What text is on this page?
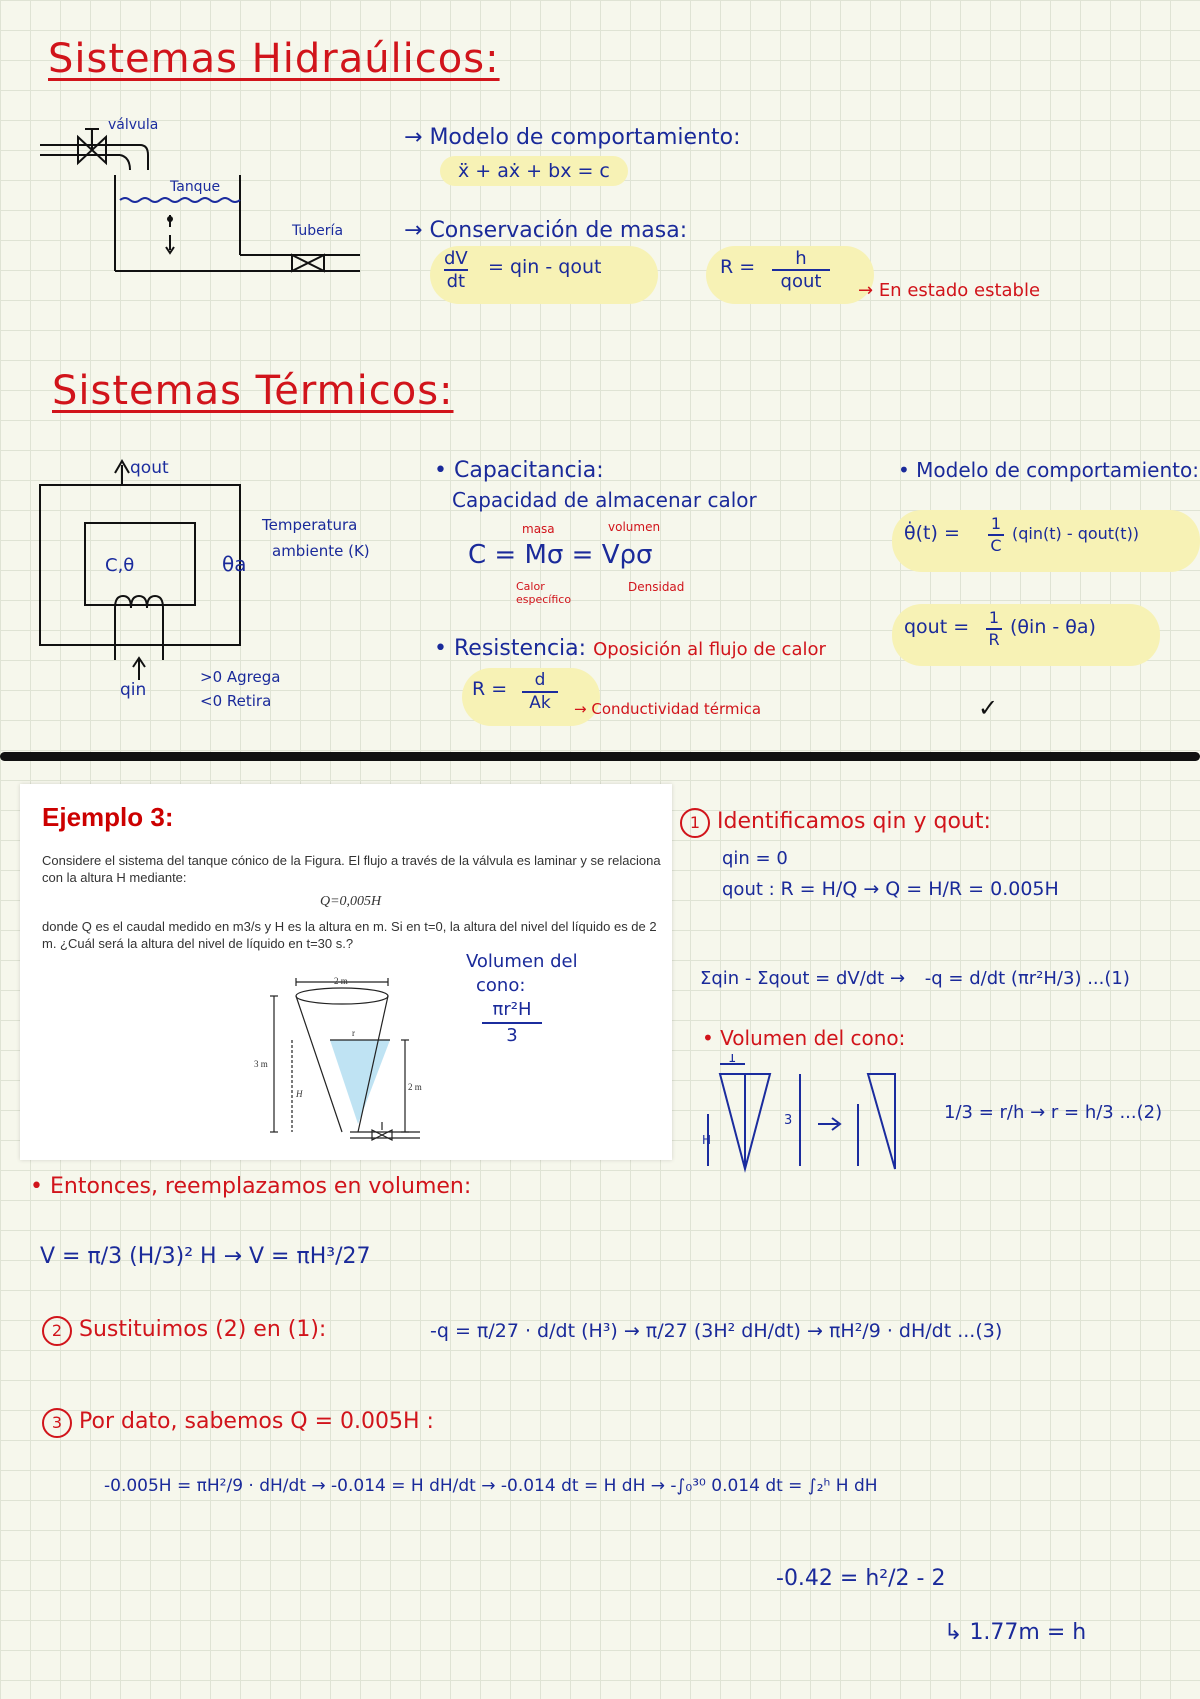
Sistemas Hidraúlicos:
válvula
Tanque
Tubería
→ Modelo de comportamiento:
ẍ + aẋ + bx = c
→ Conservación de masa:
$\frac{dV}{dt}$ = qin - qout	R =	h
qout	→ En estado estable
Sistemas Térmicos:
qout
C,θ
qin
θa
Temperatura
ambiente (K)
>0 Agrega
<0 Retira
• Capacitancia:
Capacidad de almacenar calor
masa	volumen
C = Mσ = Vρσ
Calor específico
Densidad
• Resistencia: Oposición al flujo de calor
$R = \frac{d}{Ak}$ → Conductividad térmica
• Modelo de comportamiento:
θ̇(t) = $\frac{1}{C} (qin(t)$ - qout(t))
qout = $\frac{1}{R} (\theta in - \theta a)$
✓
Ejemplo 3:
Considere el sistema del tanque cónico de la Figura. El flujo a través de la válvula es laminar y se relaciona con la altura H mediante:
Q=0,005H
donde Q es el caudal medido en m3/s y H es la altura en m. Si en t=0, la altura del nivel del líquido es de 2 m. ¿Cuál será la altura del nivel de líquido en t=30 s.?
2 m
3 m
2 m
r
H
Volumen del
cono:
πr²H
3
1 Identificamos qin y qout:
qin = 0
qout : R = H/Q → Q = H/R = 0.005H
Σqin - Σqout = dV/dt → -q = d/dt (πr²H/3) ...(1)
• Volumen del cono:
1
H
3	1/3 = r/h → r = h/3 ...(2)
• Entonces, reemplazamos en volumen:
V = π/3 (H/3)² H → V = πH³/27
2 Sustituimos (2) en (1):	-q = π/27 · d/dt (H³) → π/27 (3H² dH/dt) → πH²/9 · dH/dt ...(3)
3 Por dato, sabemos Q = 0.005H :
-0.005H = πH²/9 · dH/dt → -0.014 = H dH/dt → -0.014 dt = H dH → -∫₀³⁰ 0.014 dt = ∫₂ʰ H dH
-0.42 = h²/2 - 2
↳ 1.77m = h
